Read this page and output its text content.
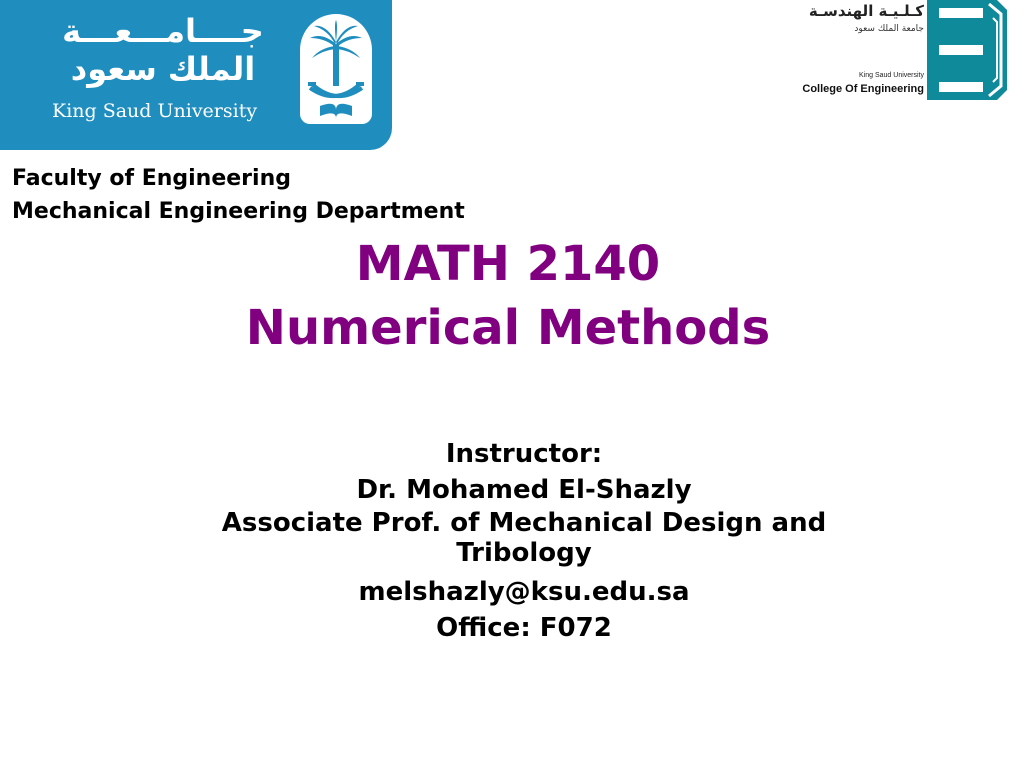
جــــامـــعـــة
الملك سعود
King Saud University
كـلـيـة الهندسـة
جامعة الملك سعود
King Saud University
College Of Engineering
Faculty of Engineering
Mechanical Engineering Department
MATH 2140
Numerical Methods
Instructor:
Dr. Mohamed El-Shazly
Associate Prof. of Mechanical Design and Tribology
melshazly@ksu.edu.sa
Office: F072
